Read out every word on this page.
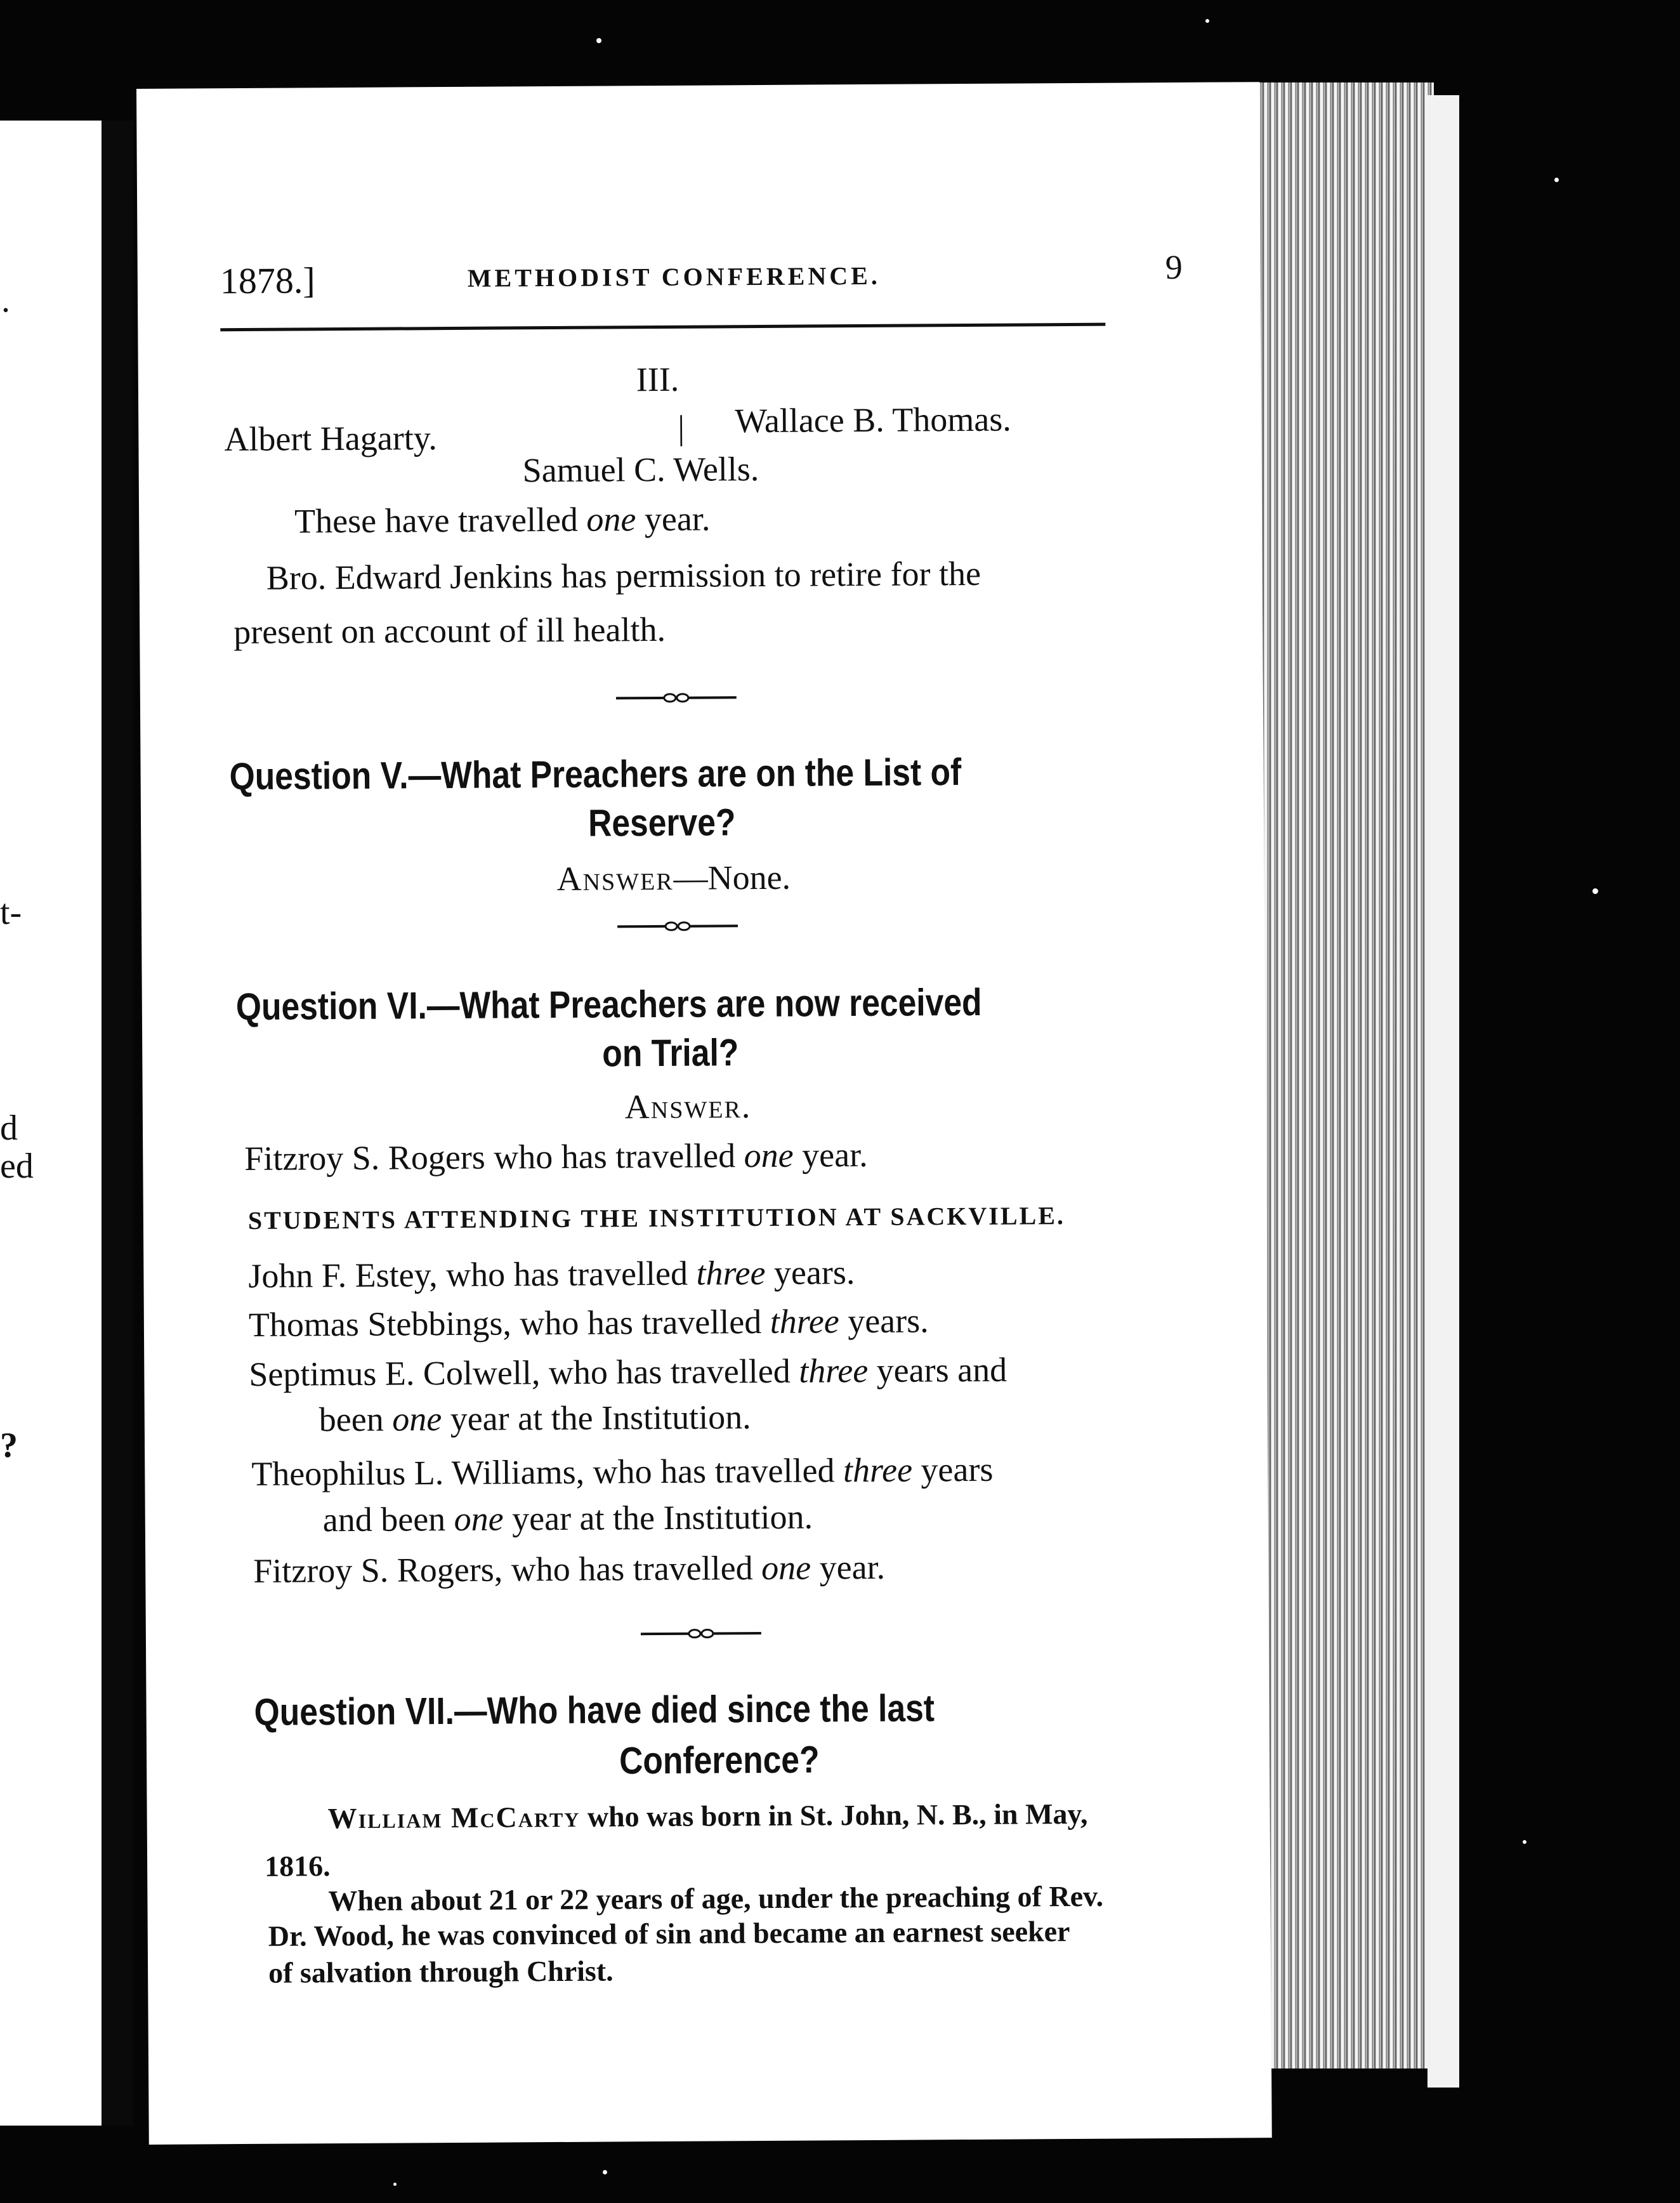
.
t-
d
ed
?
1878.]	METHODIST CONFERENCE.	9
III.
Albert Hagarty.	| Wallace B. Thomas.
Samuel C. Wells.
These have travelled one year.
Bro. Edward Jenkins has permission to retire for the
present on account of ill health.
Question V.—What Preachers are on the List of
Reserve?
Answer—None.
Question VI.—What Preachers are now received
on Trial?
Answer.
Fitzroy S. Rogers who has travelled one year.
STUDENTS ATTENDING THE INSTITUTION AT SACKVILLE.
John F. Estey, who has travelled three years.
Thomas Stebbings, who has travelled three years.
Septimus E. Colwell, who has travelled three years and
been one year at the Institution.
Theophilus L. Williams, who has travelled three years
and been one year at the Institution.
Fitzroy S. Rogers, who has travelled one year.
Question VII.—Who have died since the last
Conference?
William McCarty who was born in St. John, N. B., in May,
1816.
When about 21 or 22 years of age, under the preaching of Rev.
Dr. Wood, he was convinced of sin and became an earnest seeker
of salvation through Christ.
